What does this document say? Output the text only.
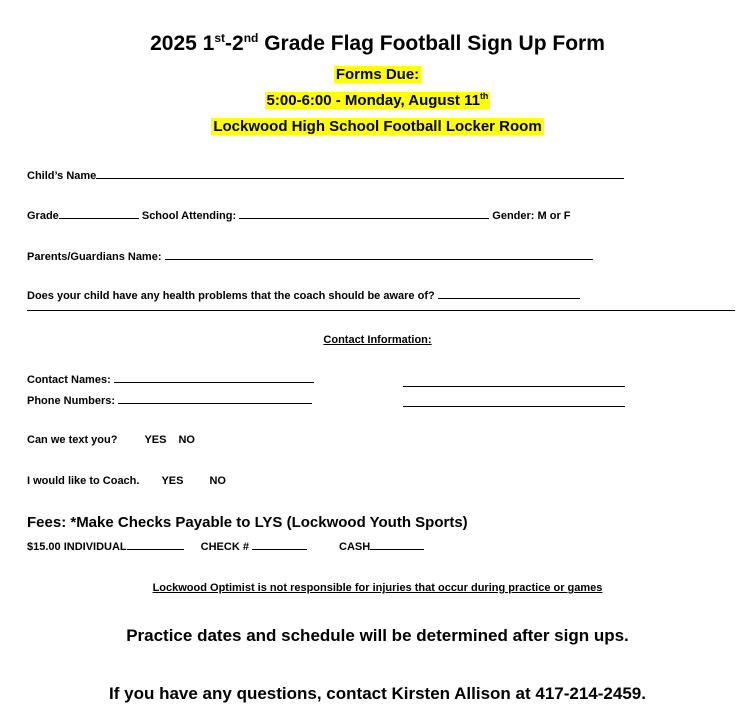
2025 1st-2nd Grade Flag Football Sign Up Form
Forms Due:
5:00-6:00 - Monday, August 11th
Lockwood High School Football Locker Room
Child’s Name
Grade	School Attending:	Gender: M or F
Parents/Guardians Name:
Does your child have any health problems that the coach should be aware of?
Contact Information:
Contact Names:
Phone Numbers:
Can we text you? YES NO
I would like to Coach. YES NO
Fees: *Make Checks Payable to LYS (Lockwood Youth Sports)
$15.00 INDIVIDUAL	CHECK #	CASH
Lockwood Optimist is not responsible for injuries that occur during practice or games
Practice dates and schedule will be determined after sign ups.
If you have any questions, contact Kirsten Allison at 417-214-2459.
